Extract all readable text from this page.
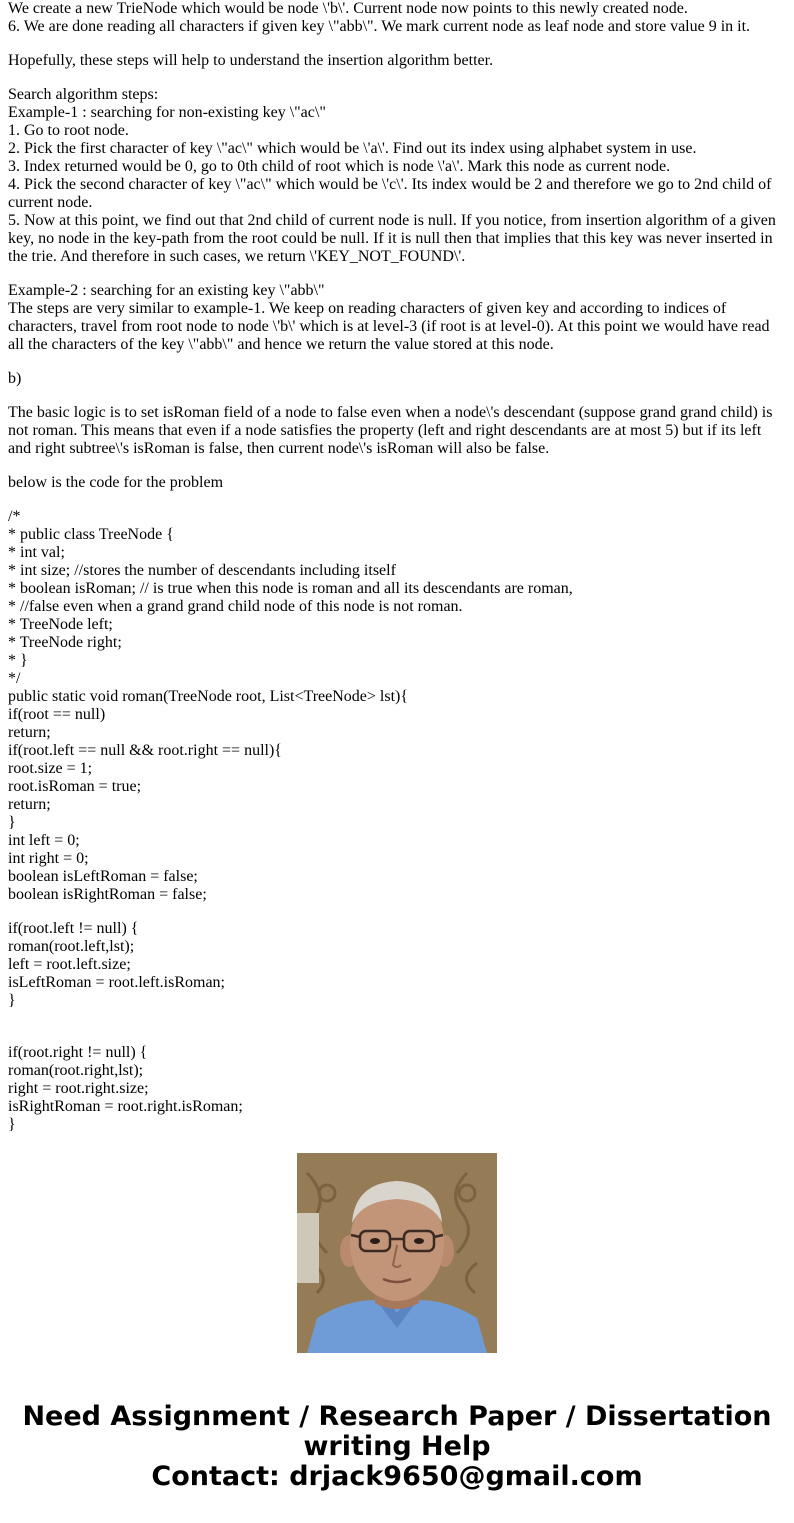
We create a new TrieNode which would be node \'b\'. Current node now points to this newly created node.
6. We are done reading all characters if given key \"abb\". We mark current node as leaf node and store value 9 in it.
Hopefully, these steps will help to understand the insertion algorithm better.
Search algorithm steps:
Example-1 : searching for non-existing key \"ac\"
1. Go to root node.
2. Pick the first character of key \"ac\" which would be \'a\'. Find out its index using alphabet system in use.
3. Index returned would be 0, go to 0th child of root which is node \'a\'. Mark this node as current node.
4. Pick the second character of key \"ac\" which would be \'c\'. Its index would be 2 and therefore we go to 2nd child of current node.
5. Now at this point, we find out that 2nd child of current node is null. If you notice, from insertion algorithm of a given key, no node in the key-path from the root could be null. If it is null then that implies that this key was never inserted in the trie. And therefore in such cases, we return \'KEY_NOT_FOUND\'.
Example-2 : searching for an existing key \"abb\"
The steps are very similar to example-1. We keep on reading characters of given key and according to indices of characters, travel from root node to node \'b\' which is at level-3 (if root is at level-0). At this point we would have read all the characters of the key \"abb\" and hence we return the value stored at this node.
b)
The basic logic is to set isRoman field of a node to false even when a node\'s descendant (suppose grand grand child) is not roman. This means that even if a node satisfies the property (left and right descendants are at most 5) but if its left and right subtree\'s isRoman is false, then current node\'s isRoman will also be false.
below is the code for the problem
/*
* public class TreeNode {
* int val;
* int size; //stores the number of descendants including itself
* boolean isRoman; // is true when this node is roman and all its descendants are roman,
* //false even when a grand grand child node of this node is not roman.
* TreeNode left;
* TreeNode right;
* }
*/
public static void roman(TreeNode root, List<TreeNode> lst){
if(root == null)
return;
if(root.left == null && root.right == null){
root.size = 1;
root.isRoman = true;
return;
}
int left = 0;
int right = 0;
boolean isLeftRoman = false;
boolean isRightRoman = false;
if(root.left != null) {
roman(root.left,lst);
left = root.left.size;
isLeftRoman = root.left.isRoman;
}
if(root.right != null) {
roman(root.right,lst);
right = root.right.size;
isRightRoman = root.right.isRoman;
}
Need Assignment / Research Paper / Dissertation
writing Help
Contact: drjack9650@gmail.com
